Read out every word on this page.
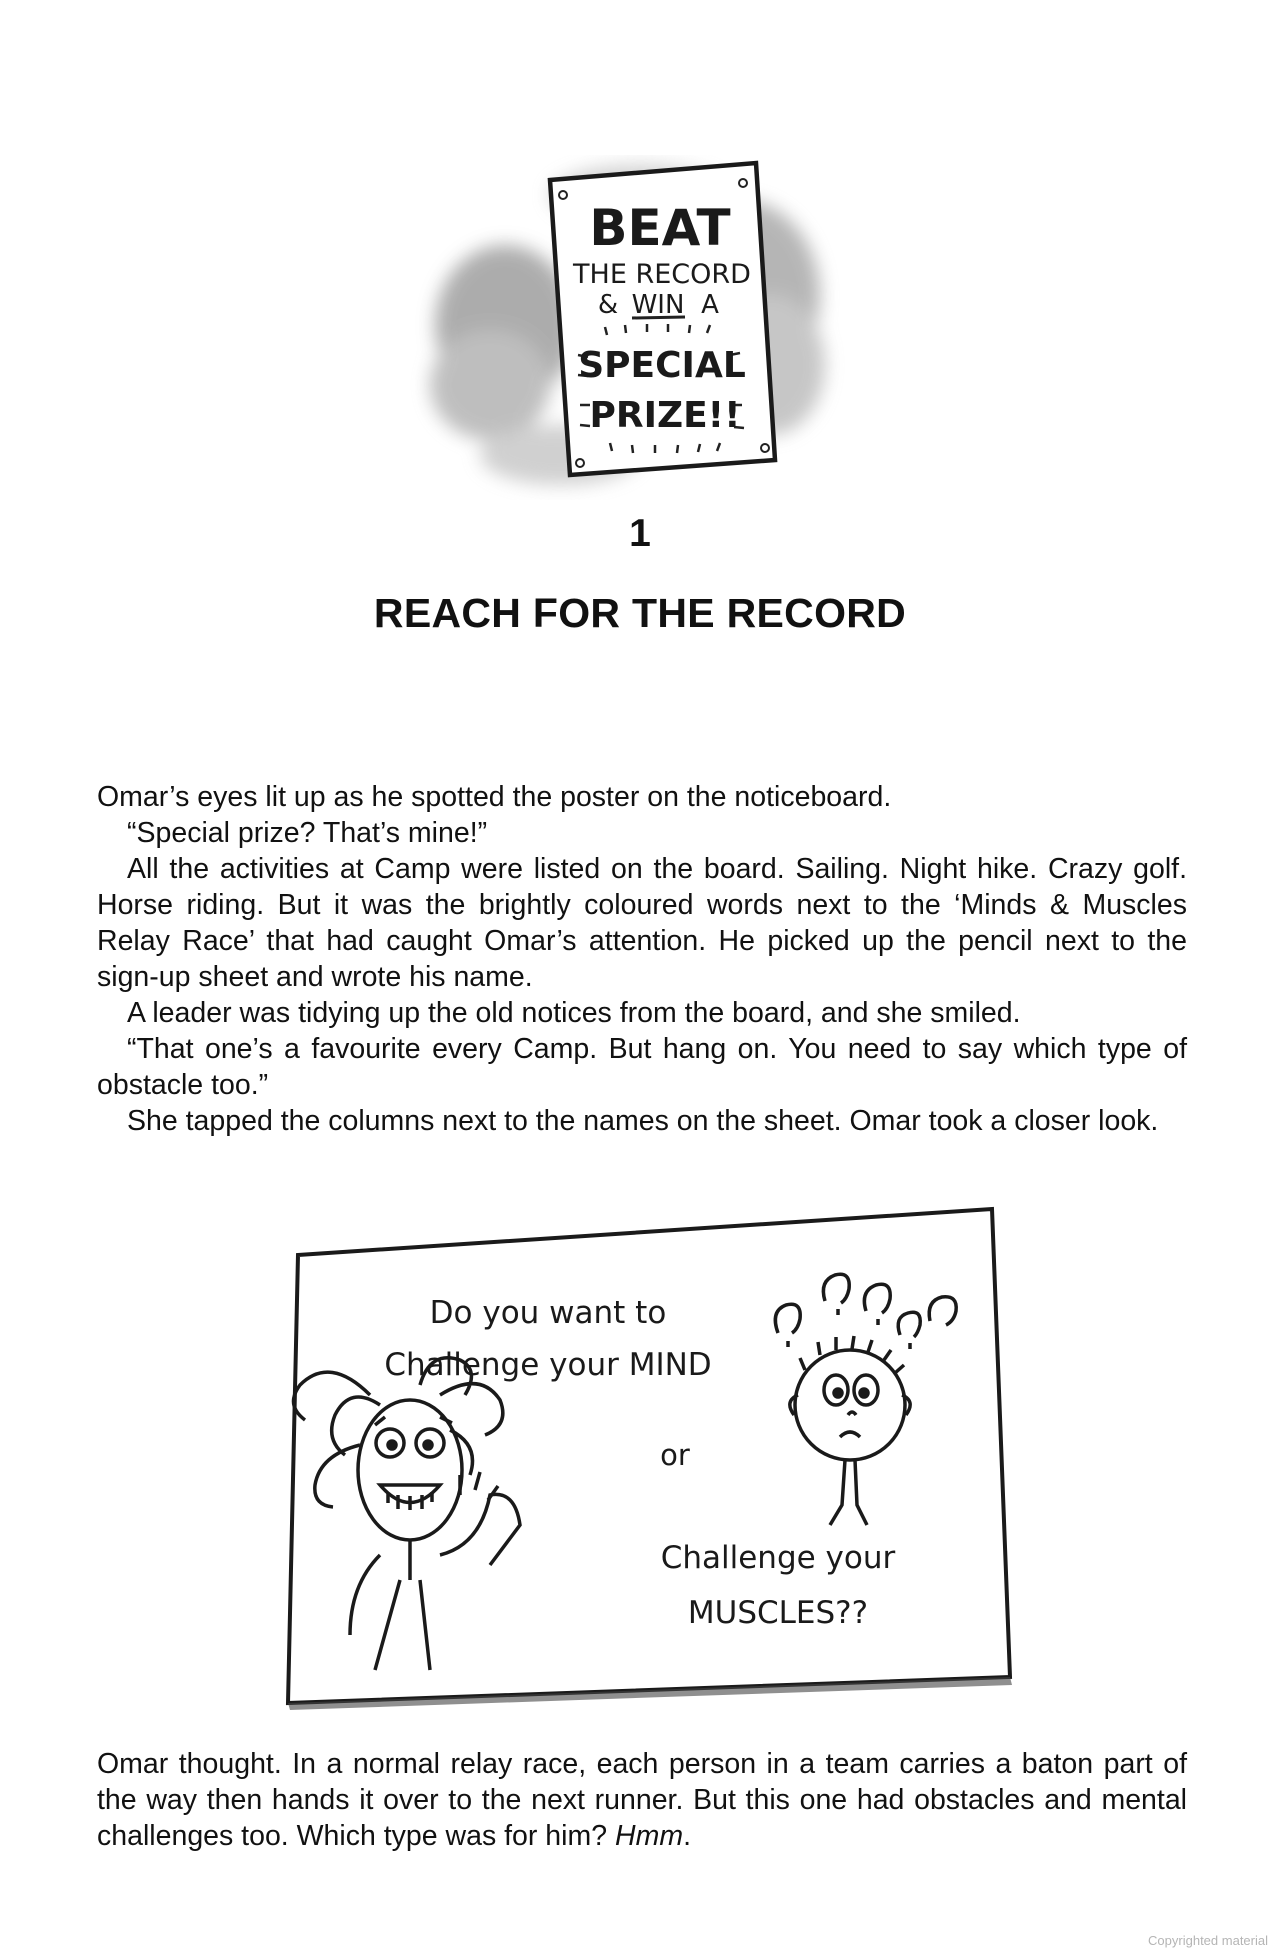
BEAT
THE RECORD
& WIN A
SPECIAL
PRIZE!!
1
REACH FOR THE RECORD

Omar’s eyes lit up as he spotted the poster on the noticeboard.

“Special prize? That’s mine!”

All the activities at Camp were listed on the board. Sailing. Night hike. Crazy golf. Horse riding. But it was the brightly coloured words next to the ‘Minds & Muscles Relay Race’ that had caught Omar’s attention. He picked up the pencil next to the sign-up sheet and wrote his name.

A leader was tidying up the old notices from the board, and she smiled.

“That one’s a favourite every Camp. But hang on. You need to say which type of obstacle too.”

She tapped the columns next to the names on the sheet. Omar took a closer look.

Do you want to
Challenge your MIND
or
Challenge your
MUSCLES??

Omar thought. In a normal relay race, each person in a team carries a baton part of the way then hands it over to the next runner. But this one had obstacles and mental challenges too. Which type was for him? Hmm.

Copyrighted material
